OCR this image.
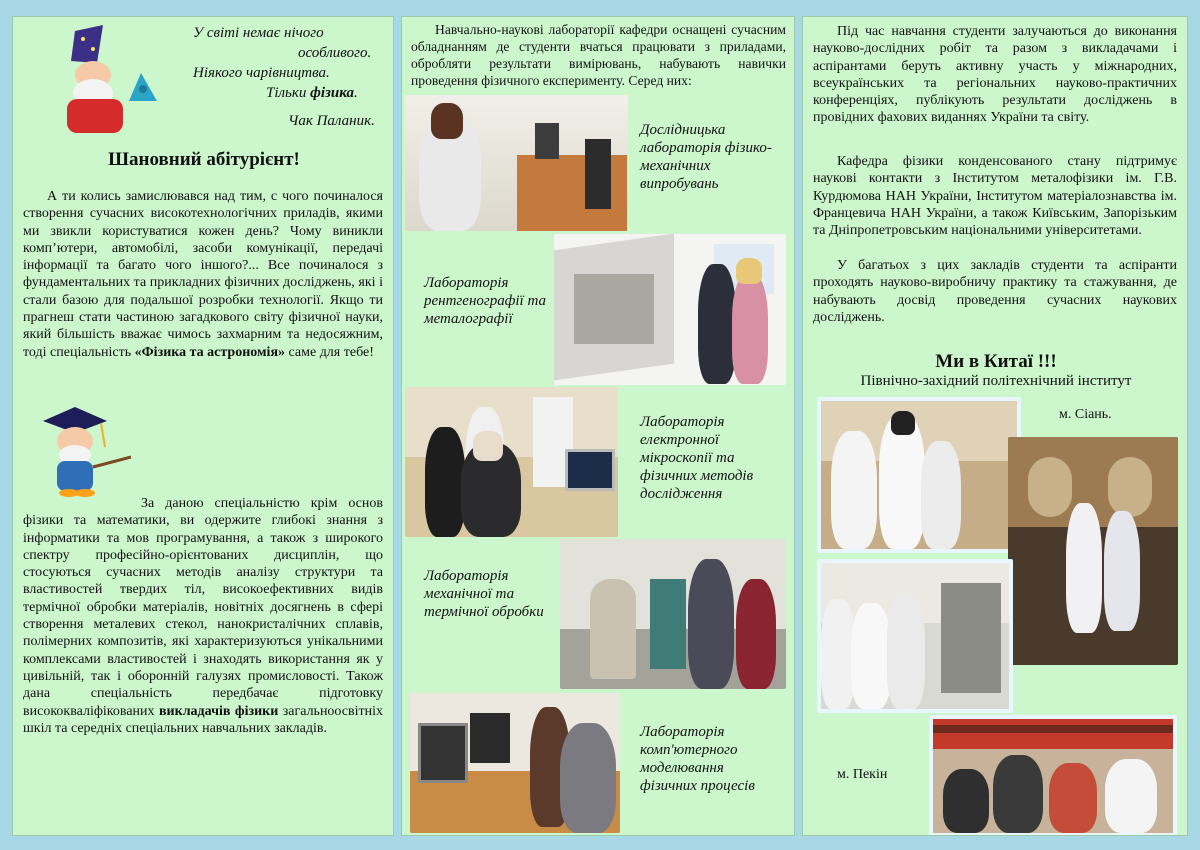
У світі немає нічого
особливого.
Ніякого чарівництва.
Тільки фізика.
Чак Паланик.
Шановний абітурієнт!

А ти колись замислювався над тим, с чого починалося створення сучасних високотехнологічних приладів, якими ми звикли користуватися кожен день? Чому виникли комп’ютери, автомобілі, засоби комунікації, передачі інформації та багато чого іншого?... Все починалося з фундаментальних та прикладних фізичних досліджень, які і стали базою для подальшої розробки технології. Якщо ти прагнеш стати частиною загадкового світу фізичної науки, який більшість вважає чимось захмарним та недосяжним, тоді спеціальність «Фізика та астрономія» саме для тебе!

За даною спеціальністю крім основ фізики та математики, ви одержите глибокі знання з інформатики та мов програмування, а також з широкого спектру професійно-орієнтованих дисциплін, що стосуються сучасних методів аналізу структури та властивостей твердих тіл, високоефективних видів термічної обробки матеріалів, новітніх досягнень в сфері створення металевих стекол, нанокристалічних сплавів, полімерних композитів, які характеризуються унікальними комплексами властивостей і знаходять використання як у цивільній, так і оборонній галузях промисловості. Також дана спеціальність передбачає підготовку висококваліфікованих викладачів фізики загальноосвітніх шкіл та середніх спеціальних навчальних закладів.

Навчально-наукові лабораторії кафедри оснащені сучасним обладнанням де студенти вчаться працювати з приладами, обробляти результати вимірювань, набувають навички проведення фізичного експерименту. Серед них:

Дослідницька лабораторія фізико-механічних випробувань
Лабораторія рентгенографії та металографії
Лабораторія електронної мікроскопії та фізичних методів дослідження
Лабораторія механічної та термічної обробки
Лабораторія комп'ютерного моделювання фізичних процесів

Під час навчання студенти залучаються до виконання науково-дослідних робіт та разом з викладачами і аспірантами беруть активну участь у міжнародних, всеукраїнських та регіональних науково-практичних конференціях, публікують результати досліджень в провідних фахових виданнях України та світу.

Кафедра фізики конденсованого стану підтримує наукові контакти з Інститутом металофізики ім. Г.В. Курдюмова НАН України, Інститутом матеріалознавства ім. Францевича НАН України, а також Київським, Запорізьким та Дніпропетровським національними університетами.

У багатьох з цих закладів студенти та аспіранти проходять науково-виробничу практику та стажування, де набувають досвід проведення сучасних наукових досліджень.

Ми в Китаї !!!
Північно-західний політехнічний інститут
м. Сіань.
м. Пекін
